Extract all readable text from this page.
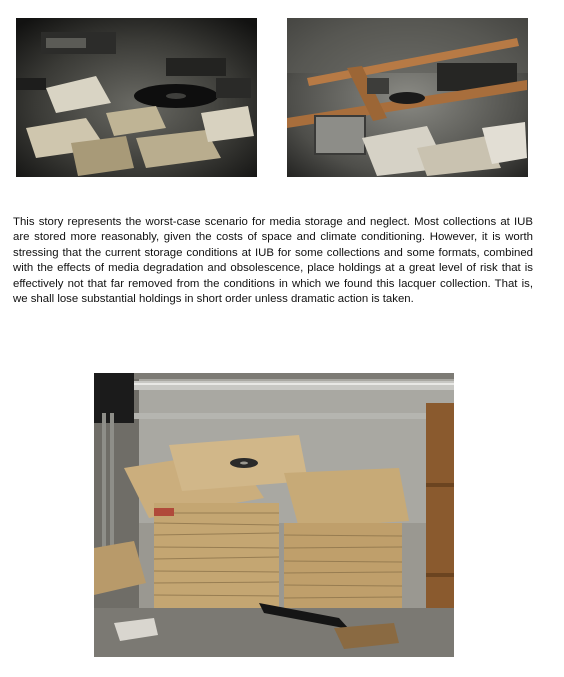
This story represents the worst-case scenario for media storage and neglect. Most collections at IUB are stored more reasonably, given the costs of space and climate conditioning. However, it is worth stressing that the current storage conditions at IUB for some collections and some formats, combined with the effects of media degradation and obsolescence, place holdings at a great level of risk that is effectively not that far removed from the conditions in which we found this lacquer collection. That is, we shall lose substantial holdings in short order unless dramatic action is taken.
